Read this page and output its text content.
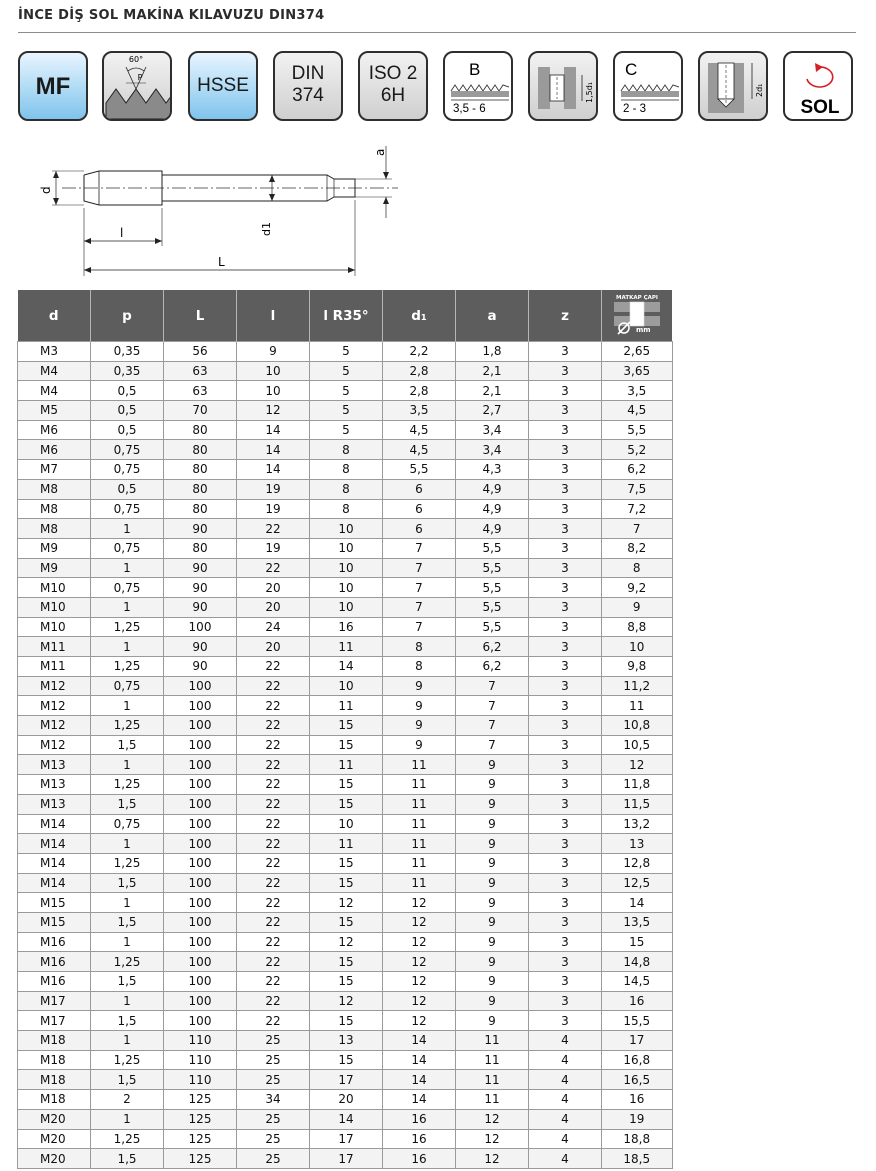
İNCE DİŞ SOL MAKİNA KILAVUZU DIN374
MF
60°
P	HSSE
DIN
374
ISO 2
6H
B
3,5 - 6
1,5d₁
C
2 - 3
2d₁
SOL
d
l
L
d1
a
d	p	L	l	l R35°	d₁	a	z	MATKAP ÇAPI
mm

M3	0,35	56	9	5	2,2	1,8	3	2,65
M4	0,35	63	10	5	2,8	2,1	3	3,65
M4	0,5	63	10	5	2,8	2,1	3	3,5
M5	0,5	70	12	5	3,5	2,7	3	4,5
M6	0,5	80	14	5	4,5	3,4	3	5,5
M6	0,75	80	14	8	4,5	3,4	3	5,2
M7	0,75	80	14	8	5,5	4,3	3	6,2
M8	0,5	80	19	8	6	4,9	3	7,5
M8	0,75	80	19	8	6	4,9	3	7,2
M8	1	90	22	10	6	4,9	3	7
M9	0,75	80	19	10	7	5,5	3	8,2
M9	1	90	22	10	7	5,5	3	8
M10	0,75	90	20	10	7	5,5	3	9,2
M10	1	90	20	10	7	5,5	3	9
M10	1,25	100	24	16	7	5,5	3	8,8
M11	1	90	20	11	8	6,2	3	10
M11	1,25	90	22	14	8	6,2	3	9,8
M12	0,75	100	22	10	9	7	3	11,2
M12	1	100	22	11	9	7	3	11
M12	1,25	100	22	15	9	7	3	10,8
M12	1,5	100	22	15	9	7	3	10,5
M13	1	100	22	11	11	9	3	12
M13	1,25	100	22	15	11	9	3	11,8
M13	1,5	100	22	15	11	9	3	11,5
M14	0,75	100	22	10	11	9	3	13,2
M14	1	100	22	11	11	9	3	13
M14	1,25	100	22	15	11	9	3	12,8
M14	1,5	100	22	15	11	9	3	12,5
M15	1	100	22	12	12	9	3	14
M15	1,5	100	22	15	12	9	3	13,5
M16	1	100	22	12	12	9	3	15
M16	1,25	100	22	15	12	9	3	14,8
M16	1,5	100	22	15	12	9	3	14,5
M17	1	100	22	12	12	9	3	16
M17	1,5	100	22	15	12	9	3	15,5
M18	1	110	25	13	14	11	4	17
M18	1,25	110	25	15	14	11	4	16,8
M18	1,5	110	25	17	14	11	4	16,5
M18	2	125	34	20	14	11	4	16
M20	1	125	25	14	16	12	4	19
M20	1,25	125	25	17	16	12	4	18,8
M20	1,5	125	25	17	16	12	4	18,5
